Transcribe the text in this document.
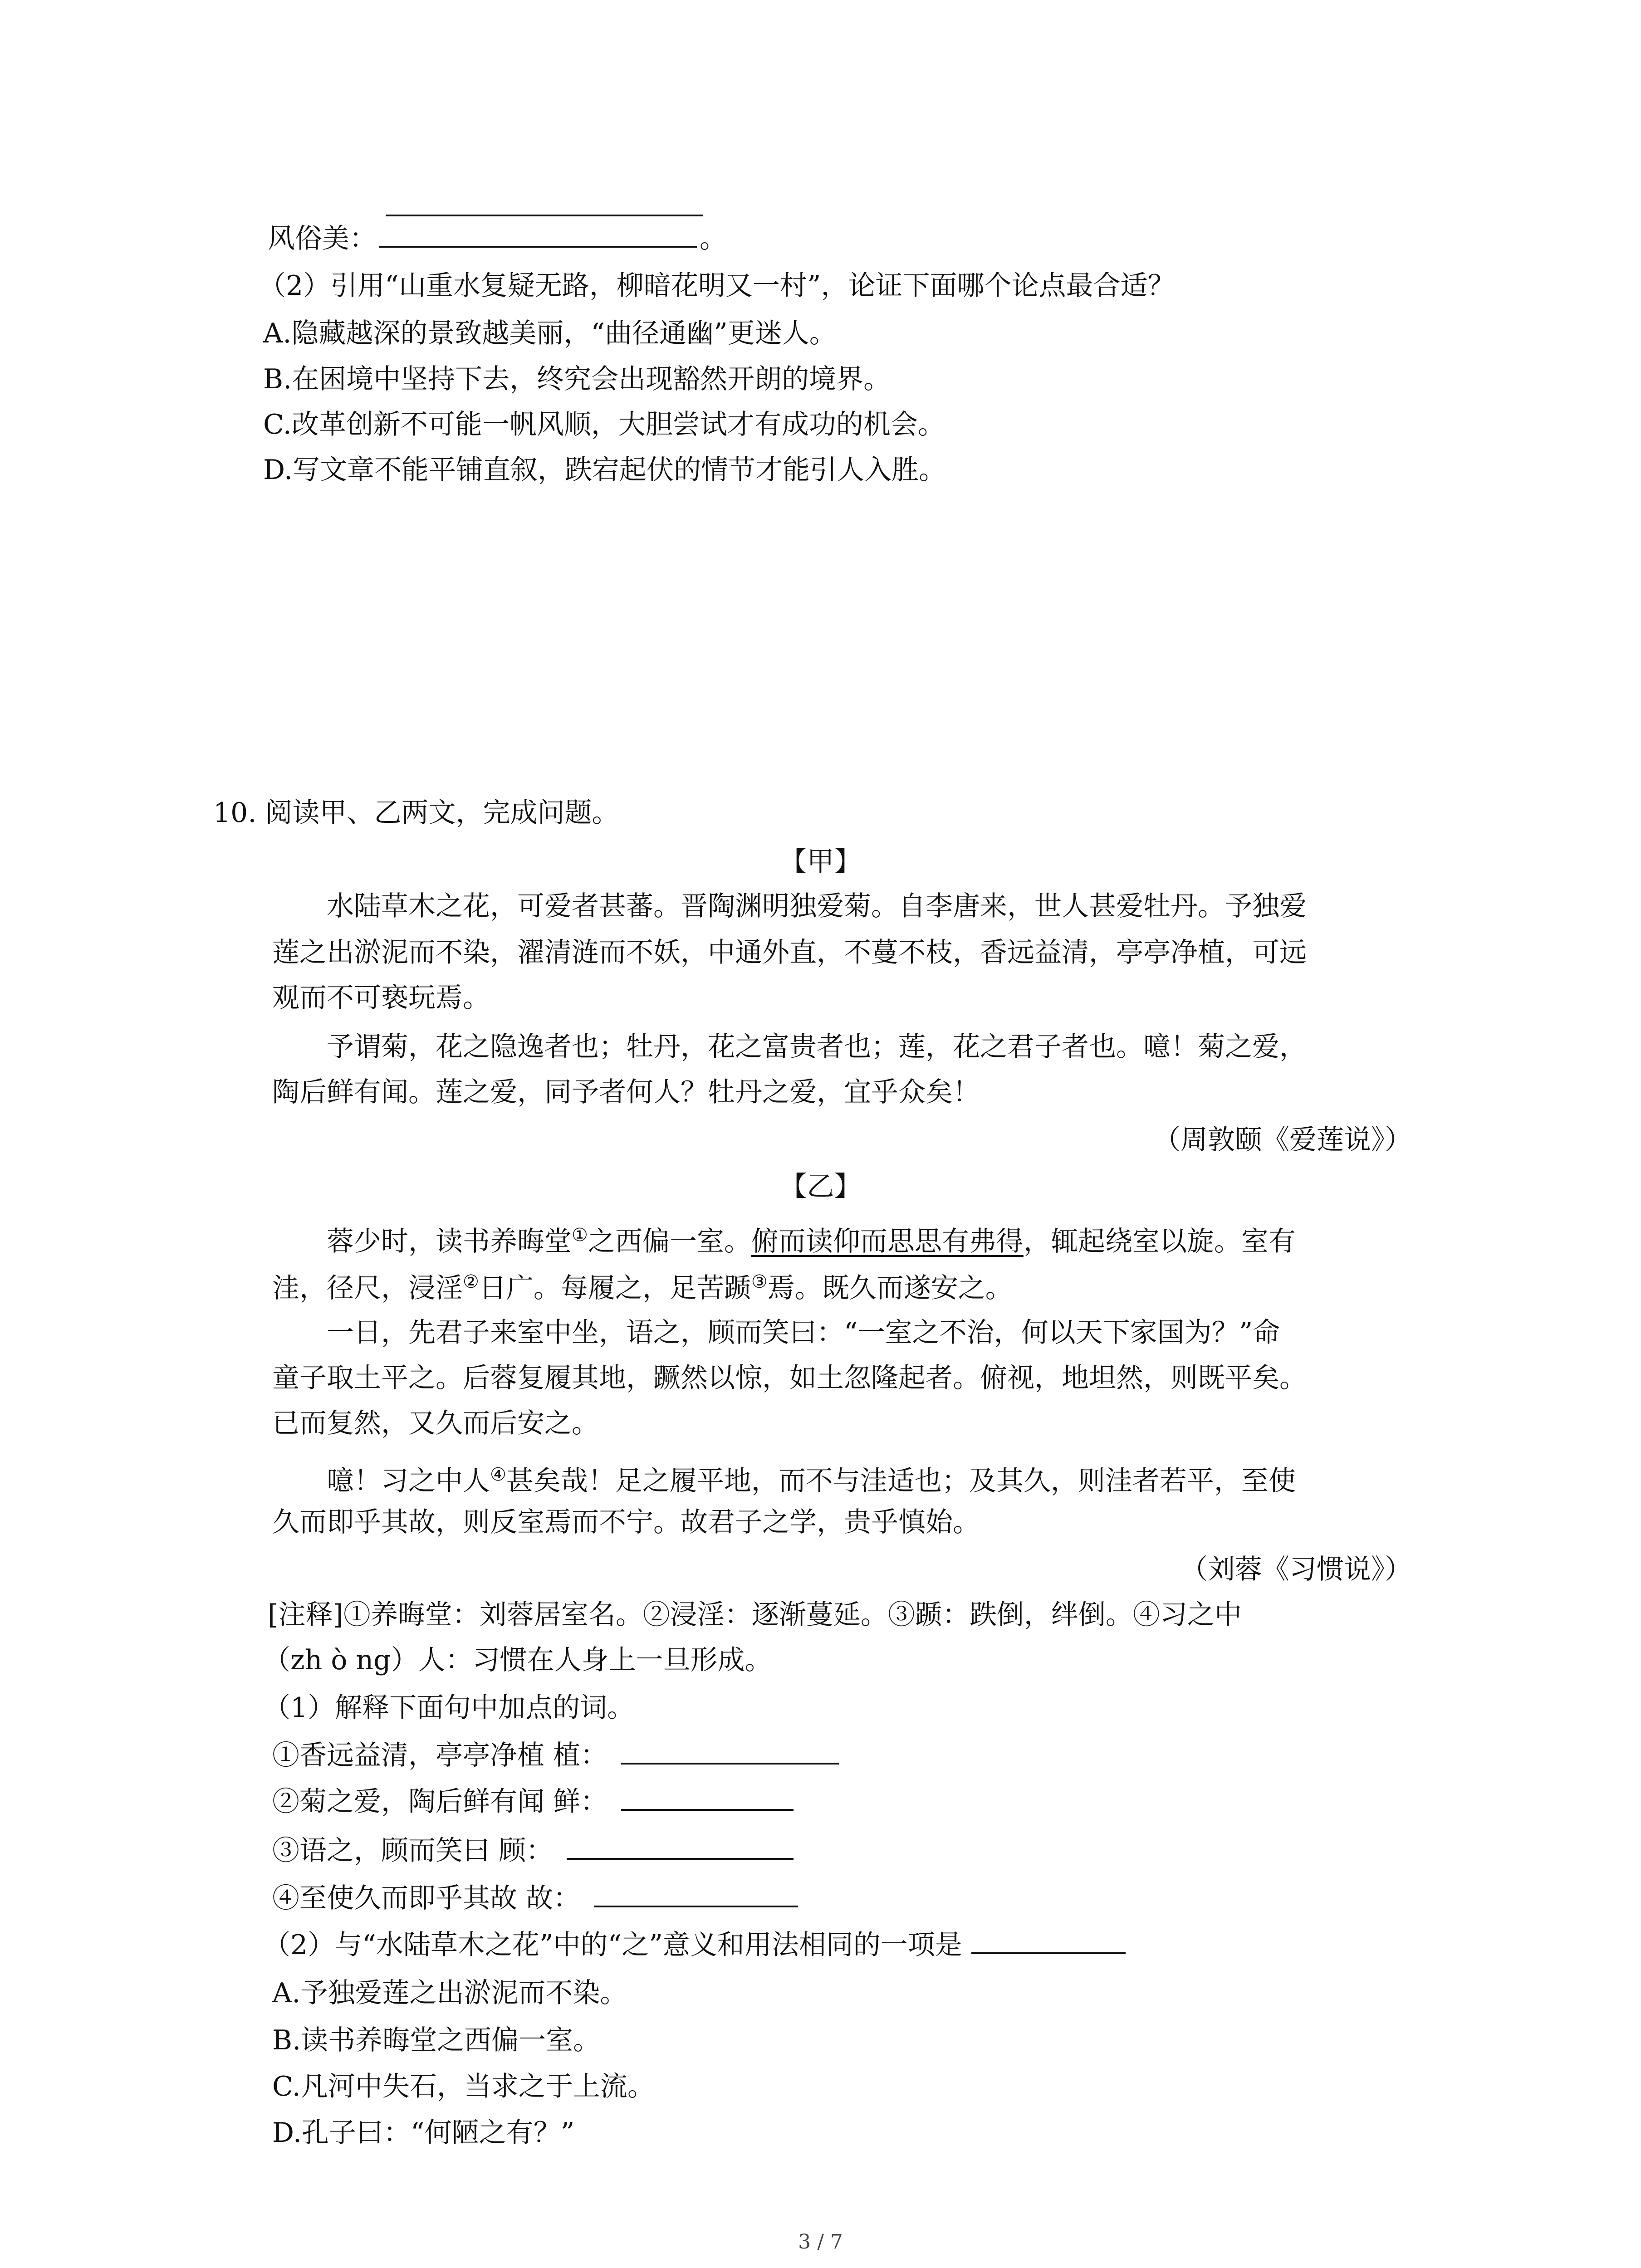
风俗美：	。
（2）引用“山重水复疑无路，柳暗花明又一村”，论证下面哪个论点最合适？
A.隐藏越深的景致越美丽，“曲径通幽”更迷人。
B.在困境中坚持下去，终究会出现豁然开朗的境界。
C.改革创新不可能一帆风顺，大胆尝试才有成功的机会。
D.写文章不能平铺直叙，跌宕起伏的情节才能引人入胜。
10. 阅读甲、乙两文，完成问题。
【甲】
水陆草木之花，可爱者甚蕃。晋陶渊明独爱菊。自李唐来，世人甚爱牡丹。予独爱
莲之出淤泥而不染，濯清涟而不妖，中通外直，不蔓不枝，香远益清，亭亭净植，可远
观而不可亵玩焉。
予谓菊，花之隐逸者也；牡丹，花之富贵者也；莲，花之君子者也。噫！菊之爱，
陶后鲜有闻。莲之爱，同予者何人？牡丹之爱，宜乎众矣！
（周敦颐《爱莲说》）
【乙】
蓉少时，读书养晦堂①之西偏一室。俯而读仰而思思有弗得，辄起绕室以旋。室有
洼，径尺，浸淫②日广。每履之，足苦踬③焉。既久而遂安之。
一日，先君子来室中坐，语之，顾而笑曰：“一室之不治，何以天下家国为？”命
童子取土平之。后蓉复履其地，蹶然以惊，如土忽隆起者。俯视，地坦然，则既平矣。
已而复然，又久而后安之。
噫！习之中人④甚矣哉！足之履平地，而不与洼适也；及其久，则洼者若平，至使
久而即乎其故，则反室焉而不宁。故君子之学，贵乎慎始。
（刘蓉《习惯说》）
[注释]①养晦堂：刘蓉居室名。②浸淫：逐渐蔓延。③踬：跌倒，绊倒。④习之中
（zh ò ng）人：习惯在人身上一旦形成。
（1）解释下面句中加点的词。
①香远益清，亭亭净植 植：
②菊之爱，陶后鲜有闻 鲜：
③语之，顾而笑曰 顾：
④至使久而即乎其故 故：
（2）与“水陆草木之花”中的“之”意义和用法相同的一项是
A.予独爱莲之出淤泥而不染。
B.读书养晦堂之西偏一室。
C.凡河中失石，当求之于上流。
D.孔子曰：“何陋之有？”
3 / 7
